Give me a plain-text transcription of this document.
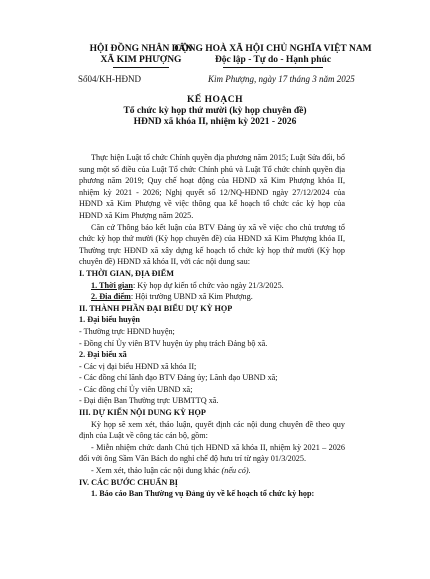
HỘI ĐỒNG NHÂN DÂN
XÃ KIM PHƯỢNG
CỘNG HOÀ XÃ HỘI CHỦ NGHĨA VIỆT NAM
Độc lập - Tự do - Hạnh phúc
Số04/KH-HĐND	Kim Phượng, ngày 17 tháng 3 năm 2025
KẾ HOẠCH
Tổ chức kỳ họp thứ mười (kỳ họp chuyên đề)
HĐND xã khóa II, nhiệm kỳ 2021 - 2026

Thực hiện Luật tổ chức Chính quyền địa phương năm 2015; Luật Sửa đổi, bổ sung một số điều của Luật Tổ chức Chính phủ và Luật Tổ chức chính quyền địa phương năm 2019; Quy chế hoạt động của HĐND xã Kim Phượng khóa II, nhiệm kỳ 2021 - 2026; Nghị quyết số 12/NQ-HĐND ngày 27/12/2024 của HĐND xã Kim Phượng về việc thông qua kế hoạch tổ chức các kỳ họp của HĐND xã Kim Phượng năm 2025.

Căn cứ Thông báo kết luận của BTV Đảng ủy xã về việc cho chủ trương tổ chức kỳ họp thứ mười (Kỳ họp chuyên đề) của HĐND xã Kim Phượng khóa II, Thường trực HĐND xã xây dựng kế hoạch tổ chức kỳ họp thứ mười (Kỳ họp chuyên đề) HĐND xã khóa II, với các nội dung sau:

I. THỜI GIAN, ĐỊA ĐIỂM

1. Thời gian: Kỳ họp dự kiến tổ chức vào ngày 21/3/2025.

2. Địa điểm: Hội trường UBND xã Kim Phượng.

II. THÀNH PHẦN ĐẠI BIỂU DỰ KỲ HỌP

1. Đại biểu huyện

- Thường trực HĐND huyện;

- Đồng chí Ủy viên BTV huyện ủy phụ trách Đảng bộ xã.

2. Đại biểu xã

- Các vị đại biểu HĐND xã khóa II;

- Các đồng chí lãnh đạo BTV Đảng ủy; Lãnh đạo UBND xã;

- Các đồng chí Ủy viên UBND xã;

- Đại diện Ban Thường trực UBMTTQ xã.

III. DỰ KIẾN NỘI DUNG KỲ HỌP

Kỳ họp sẽ xem xét, thảo luận, quyết định các nội dung chuyên đề theo quy định của Luật về công tác cán bộ, gồm:

- Miễn nhiệm chức danh Chủ tịch HĐND xã khóa II, nhiệm kỳ 2021 – 2026 đối với ông Sầm Văn Bách do nghỉ chế độ hưu trí từ ngày 01/3/2025.

- Xem xét, thảo luận các nội dung khác (nếu có).

IV. CÁC BƯỚC CHUẨN BỊ

1. Báo cáo Ban Thường vụ Đảng ủy về kế hoạch tổ chức kỳ họp:
